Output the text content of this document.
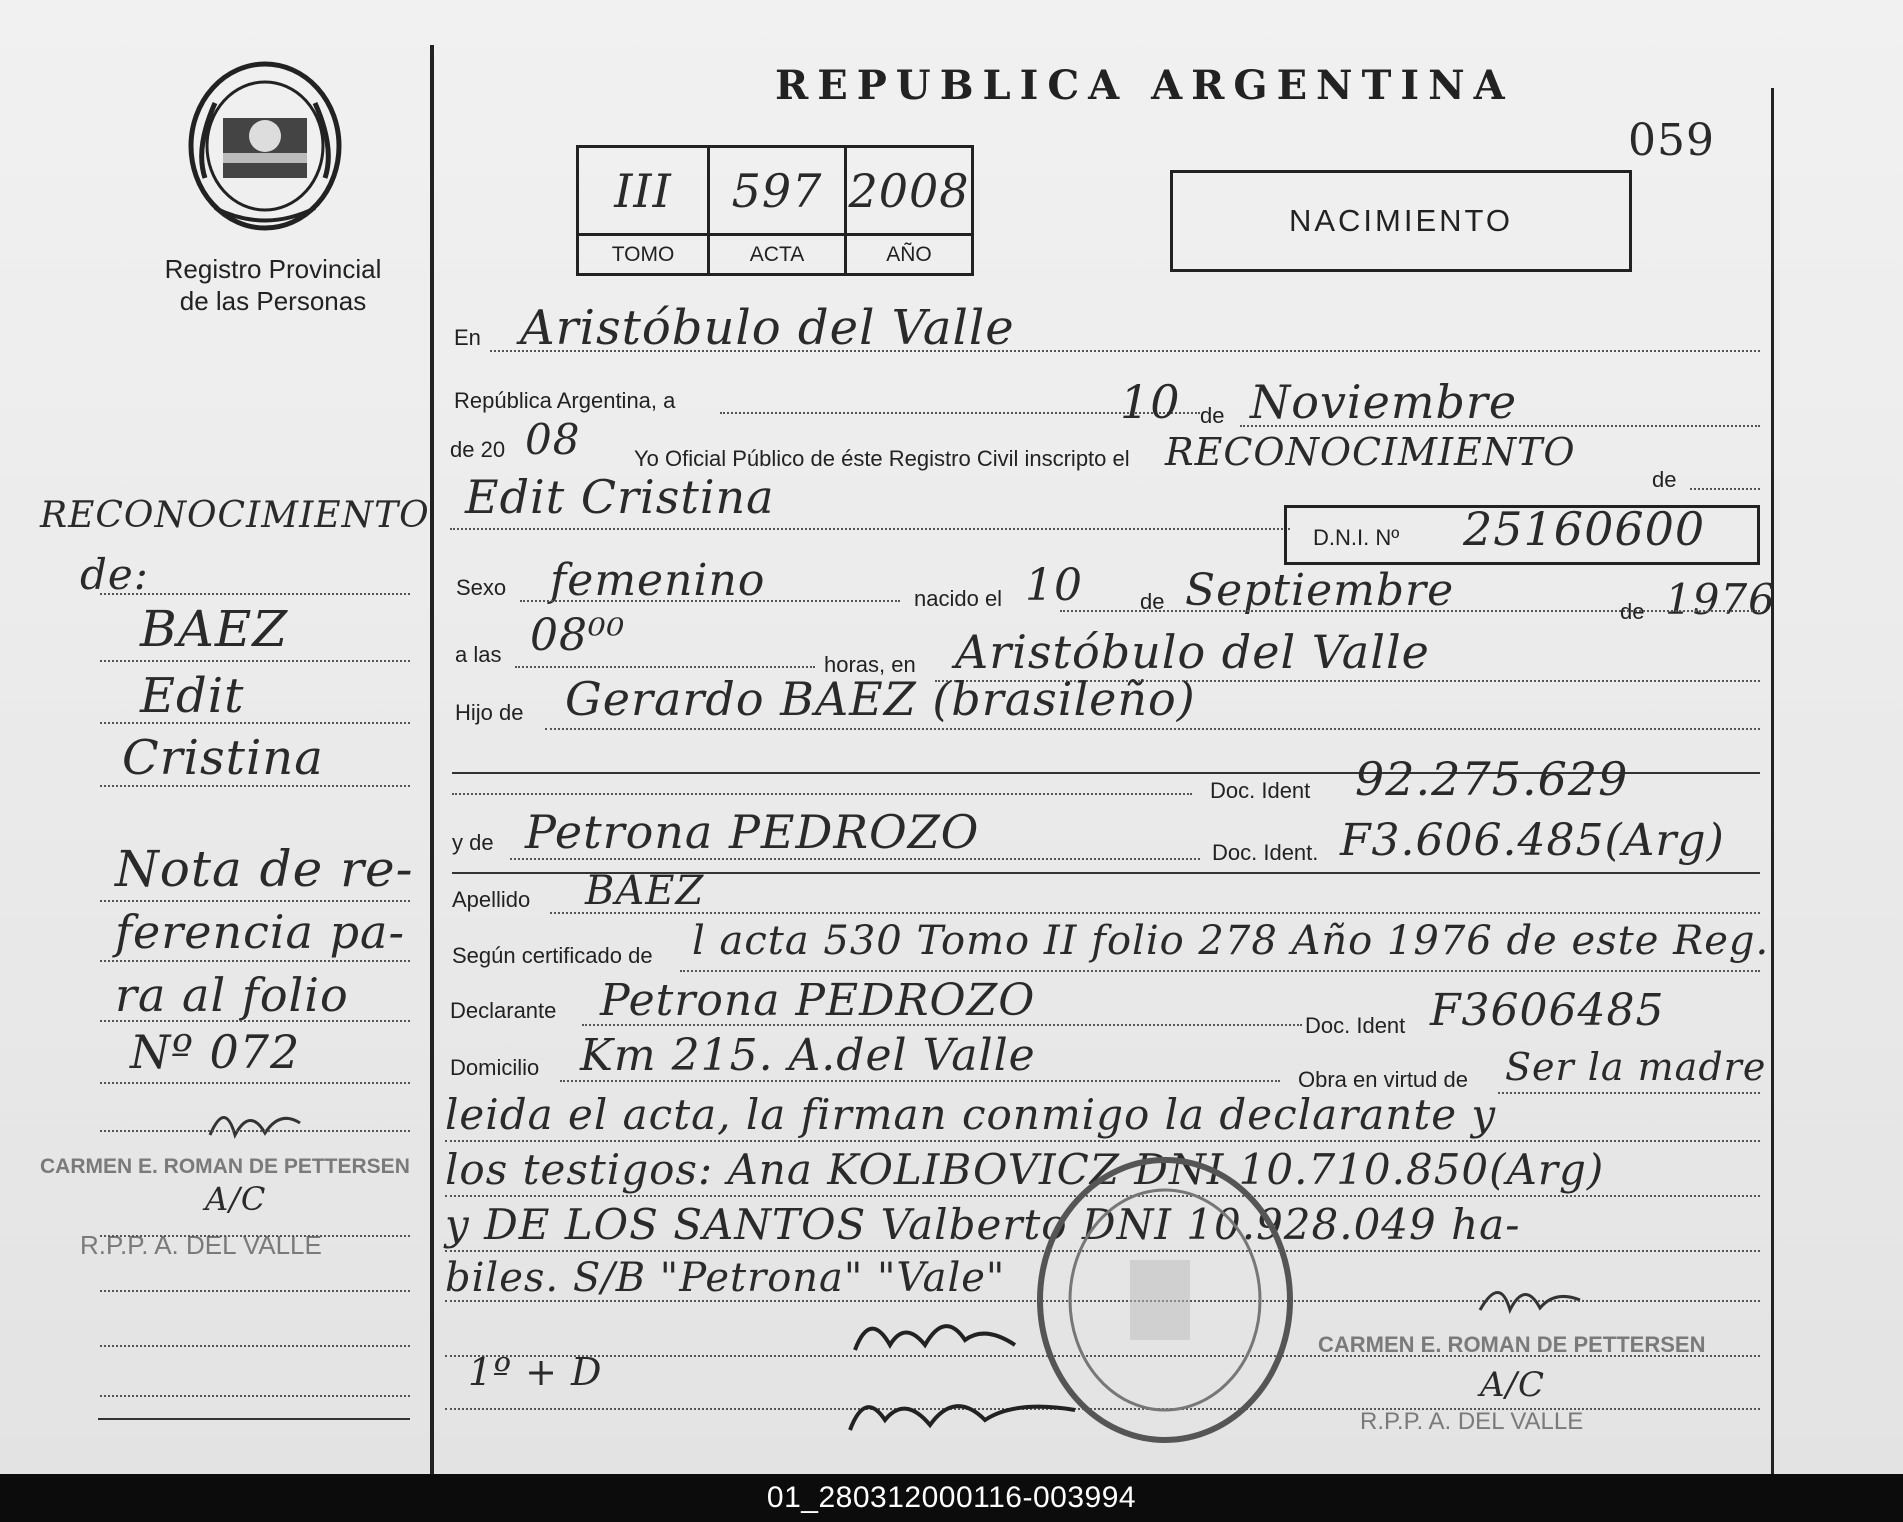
Registro Provincial
de las Personas
REPUBLICA ARGENTINA
059
III	597	2008
TOMO	ACTA	AÑO
NACIMIENTO
En Aristóbulo del Valle
República Argentina, a	10 de Noviembre
de 20 08 Yo Oficial Público de éste Registro Civil inscripto el RECONOCIMIENTO
de
Edit Cristina
D.N.I. Nº 25160600
Sexo femenino	nacido el 10	de Septiembre	de 1976
a las 08⁰⁰
horas, en Aristóbulo del Valle
Hijo de Gerardo BAEZ (brasileño)
Doc. Ident 92.275.629
y de Petrona PEDROZO	Doc. Ident. F3.606.485(Arg)
Apellido BAEZ
Según certificado de l acta 530 Tomo II folio 278 Año 1976 de este Reg.
Declarante Petrona PEDROZO	Doc. Ident F3606485
Domicilio Km 215. A.del Valle	Obra en virtud de Ser la madre
leida el acta, la firman conmigo la declarante y
los testigos: Ana KOLIBOVICZ DNI 10.710.850(Arg)
y DE LOS SANTOS Valberto DNI 10.928.049 ha-
biles. S/B "Petrona" "Vale"
CARMEN E. ROMAN DE PETTERSEN
A/C
R.P.P. A. DEL VALLE
1º + D
RECONOCIMIENTO
de:
BAEZ
Edit
Cristina
Nota de re-
ferencia pa-
ra al folio
Nº 072
CARMEN E. ROMAN DE PETTERSEN
A/C
R.P.P. A. DEL VALLE
01_280312000116-003994
